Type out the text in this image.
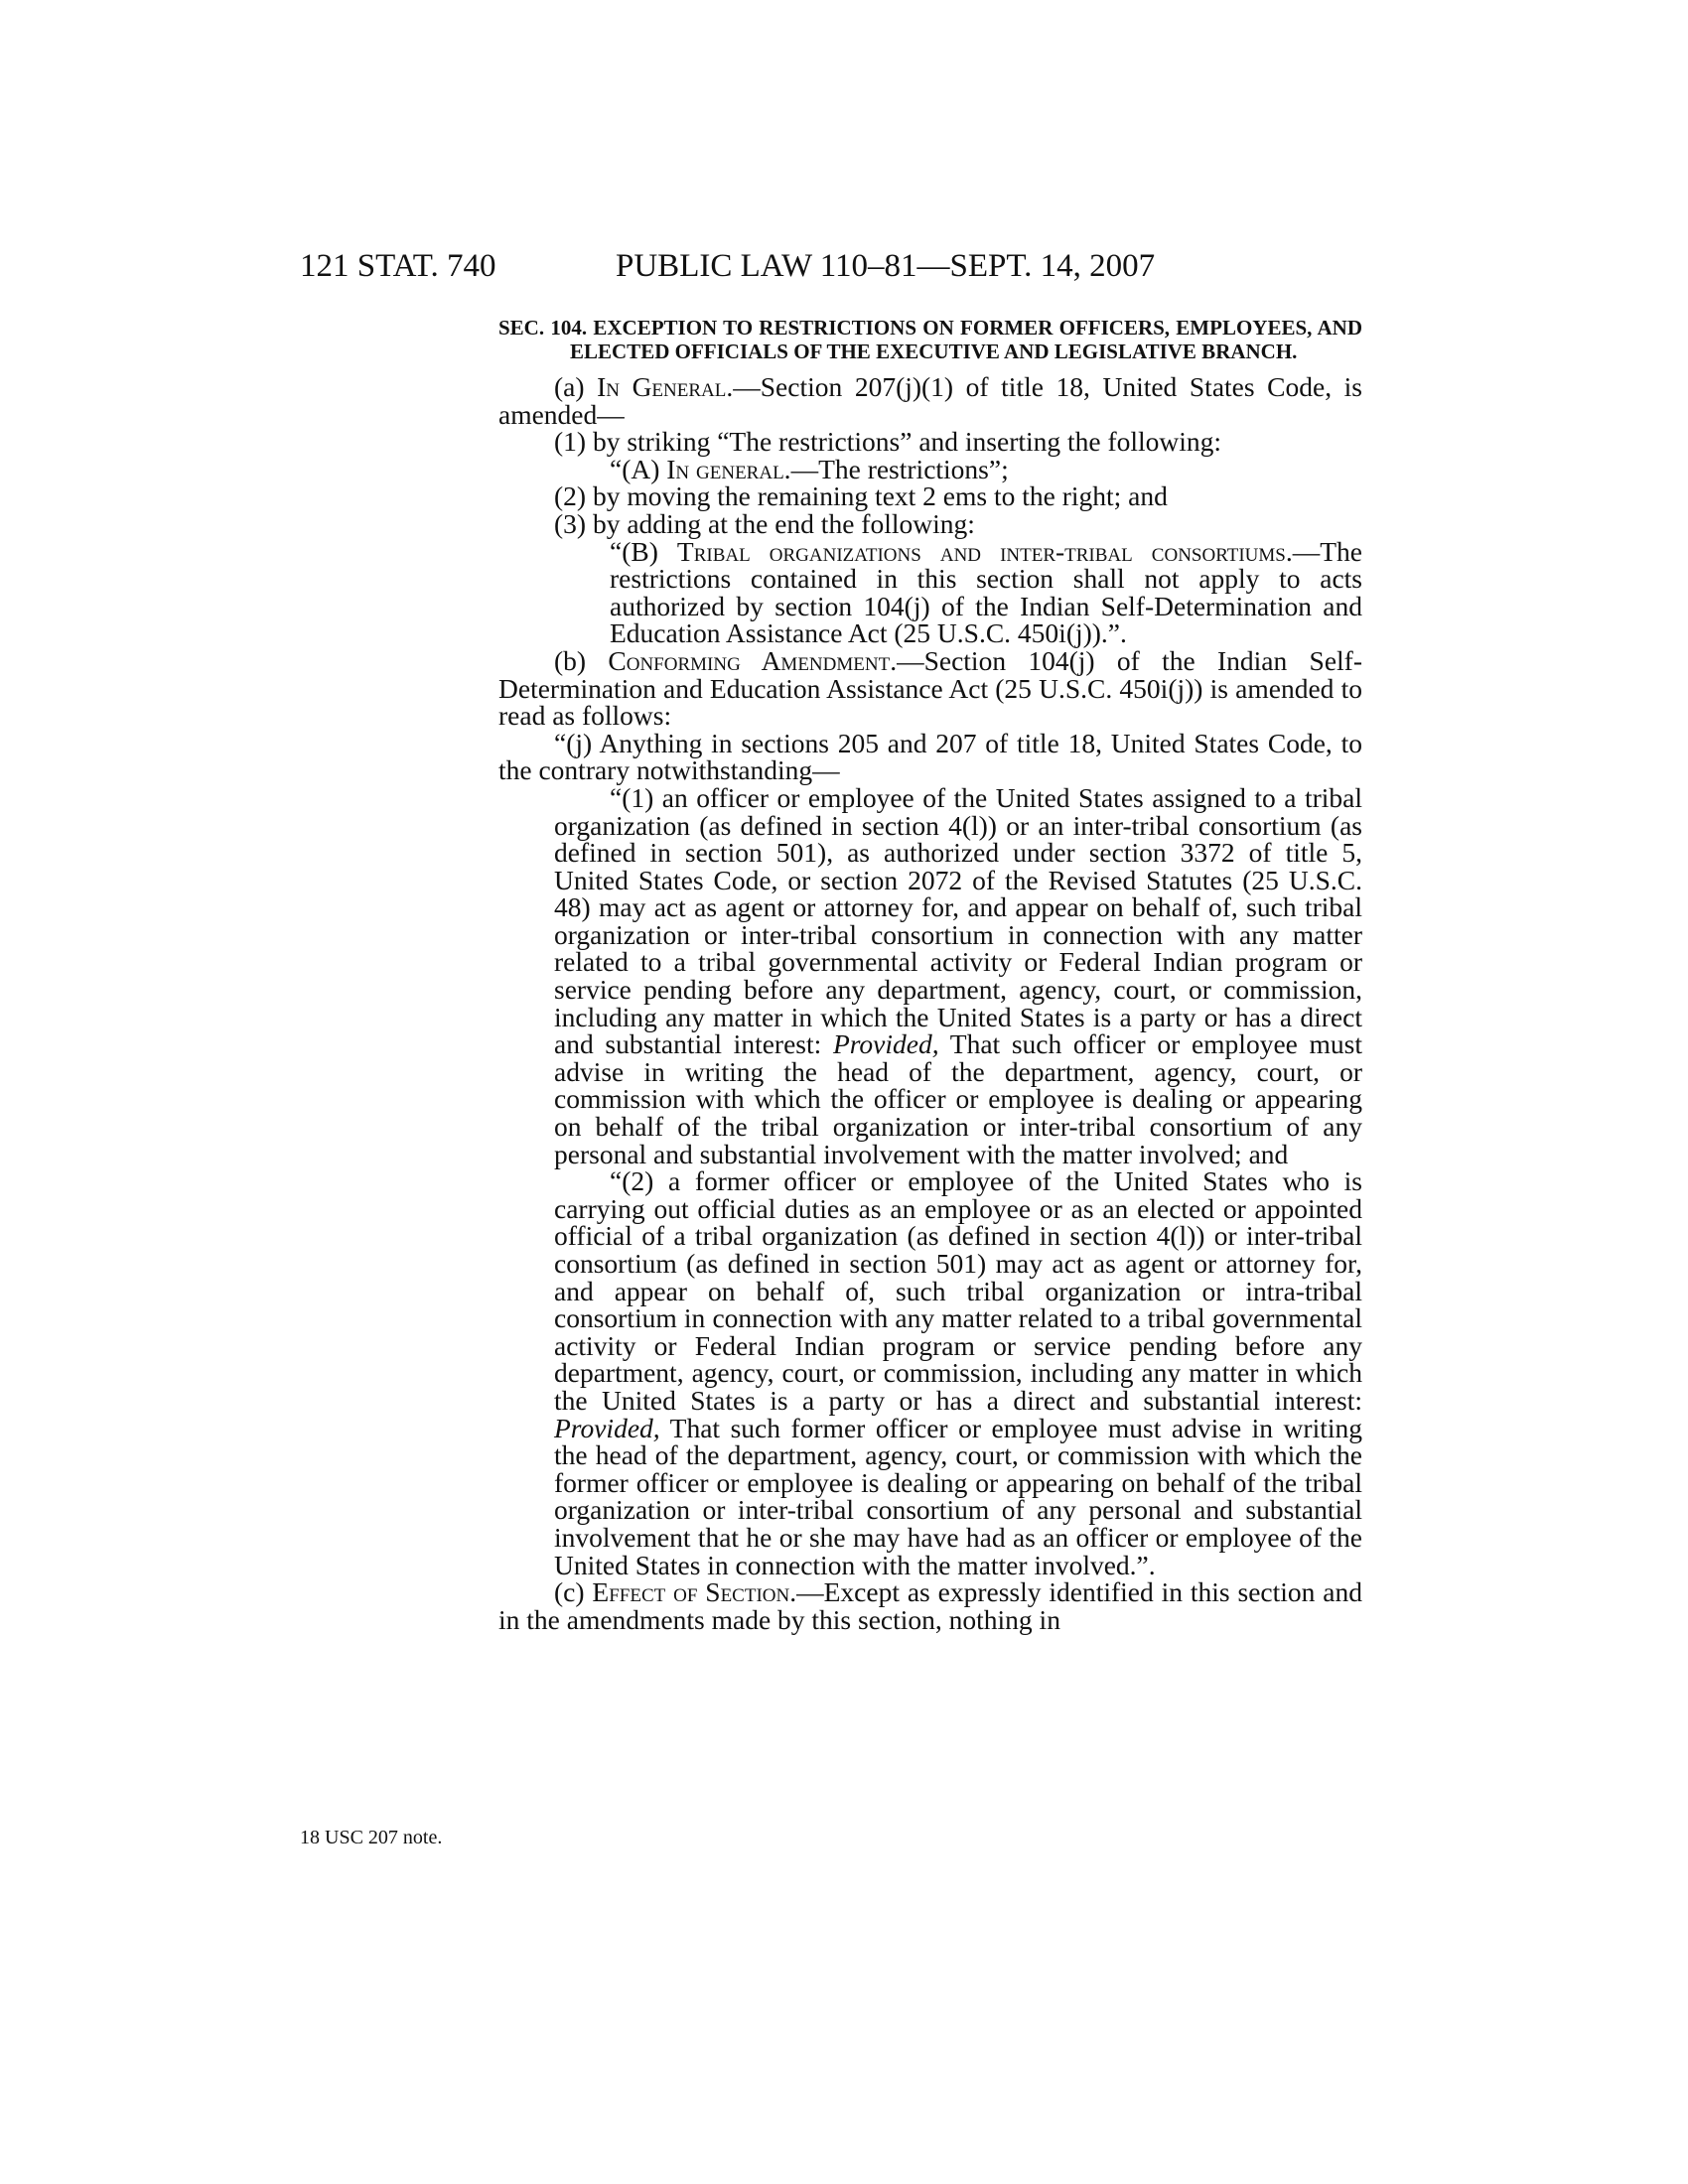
121 STAT. 740	PUBLIC LAW 110–81—SEPT. 14, 2007
18 USC 207 note.

SEC. 104. EXCEPTION TO RESTRICTIONS ON FORMER OFFICERS, EMPLOYEES, AND ELECTED OFFICIALS OF THE EXECUTIVE AND LEGISLATIVE BRANCH.

(a) In General.—Section 207(j)(1) of title 18, United States Code, is amended—

(1) by striking “The restrictions” and inserting the following:

“(A) In general.—The restrictions”;

(2) by moving the remaining text 2 ems to the right; and

(3) by adding at the end the following:

“(B) Tribal organizations and inter-tribal consortiums.—The restrictions contained in this section shall not apply to acts authorized by section 104(j) of the Indian Self-Determination and Education Assistance Act (25 U.S.C. 450i(j)).”.

(b) Conforming Amendment.—Section 104(j) of the Indian Self-Determination and Education Assistance Act (25 U.S.C. 450i(j)) is amended to read as follows:

“(j) Anything in sections 205 and 207 of title 18, United States Code, to the contrary notwithstanding—

“(1) an officer or employee of the United States assigned to a tribal organization (as defined in section 4(l)) or an inter-tribal consortium (as defined in section 501), as authorized under section 3372 of title 5, United States Code, or section 2072 of the Revised Statutes (25 U.S.C. 48) may act as agent or attorney for, and appear on behalf of, such tribal organization or inter-tribal consortium in connection with any matter related to a tribal governmental activity or Federal Indian program or service pending before any department, agency, court, or commission, including any matter in which the United States is a party or has a direct and substantial interest: Provided, That such officer or employee must advise in writing the head of the department, agency, court, or commission with which the officer or employee is dealing or appearing on behalf of the tribal organization or inter-tribal consortium of any personal and substantial involvement with the matter involved; and

“(2) a former officer or employee of the United States who is carrying out official duties as an employee or as an elected or appointed official of a tribal organization (as defined in section 4(l)) or inter-tribal consortium (as defined in section 501) may act as agent or attorney for, and appear on behalf of, such tribal organization or intra-tribal consortium in connection with any matter related to a tribal governmental activity or Federal Indian program or service pending before any department, agency, court, or commission, including any matter in which the United States is a party or has a direct and substantial interest: Provided, That such former officer or employee must advise in writing the head of the department, agency, court, or commission with which the former officer or employee is dealing or appearing on behalf of the tribal organization or inter-tribal consortium of any personal and substantial involvement that he or she may have had as an officer or employee of the United States in connection with the matter involved.”.

(c) Effect of Section.—Except as expressly identified in this section and in the amendments made by this section, nothing in
